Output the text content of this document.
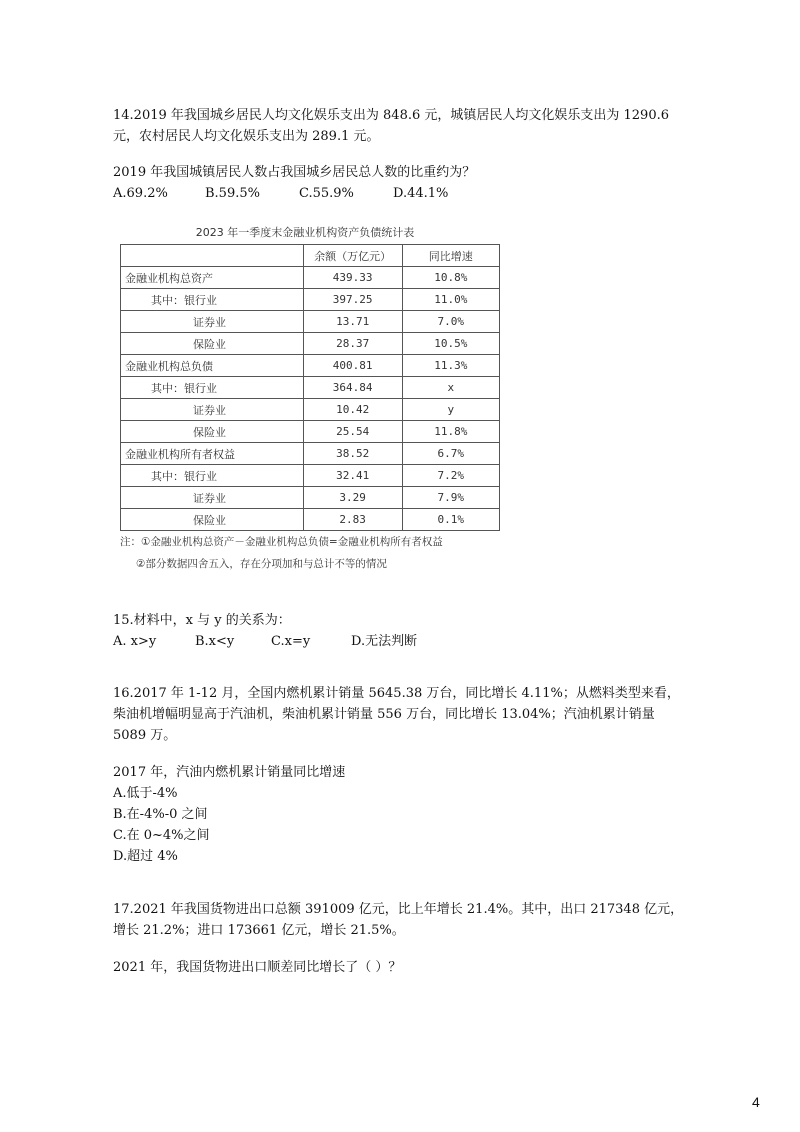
14.2019 年我国城乡居民人均文化娱乐支出为 848.6 元，城镇居民人均文化娱乐支出为 1290.6

元，农村居民人均文化娱乐支出为 289.1 元。

2019 年我国城镇居民人数占我国城乡居民总人数的比重约为？

A.69.2%	B.59.5%	C.55.9%	D.44.1%
2023 年一季度末金融业机构资产负债统计表
	余额（万亿元）	同比增速
金融业机构总资产	439.33	10.8%
其中：银行业	397.25	11.0%
证券业	13.71	7.0%
保险业	28.37	10.5%
金融业机构总负债	400.81	11.3%
其中：银行业	364.84	x
证券业	10.42	y
保险业	25.54	11.8%
金融业机构所有者权益	38.52	6.7%
其中：银行业	32.41	7.2%
证券业	3.29	7.9%
保险业	2.83	0.1%
注：①金融业机构总资产－金融业机构总负债=金融业机构所有者权益
②部分数据四舍五入，存在分项加和与总计不等的情况

15.材料中，x 与 y 的关系为：

A. x>y	B.x<y	C.x=y	D.无法判断

16.2017 年 1-12 月，全国内燃机累计销量 5645.38 万台，同比增长 4.11%；从燃料类型来看，

柴油机增幅明显高于汽油机，柴油机累计销量 556 万台，同比增长 13.04%；汽油机累计销量

5089 万。

2017 年，汽油内燃机累计销量同比增速

A.低于-4%

B.在-4%-0 之间

C.在 0~4%之间

D.超过 4%

17.2021 年我国货物进出口总额 391009 亿元，比上年增长 21.4%。其中，出口 217348 亿元，

增长 21.2%；进口 173661 亿元，增长 21.5%。

2021 年，我国货物进出口顺差同比增长了（ ）？

4
